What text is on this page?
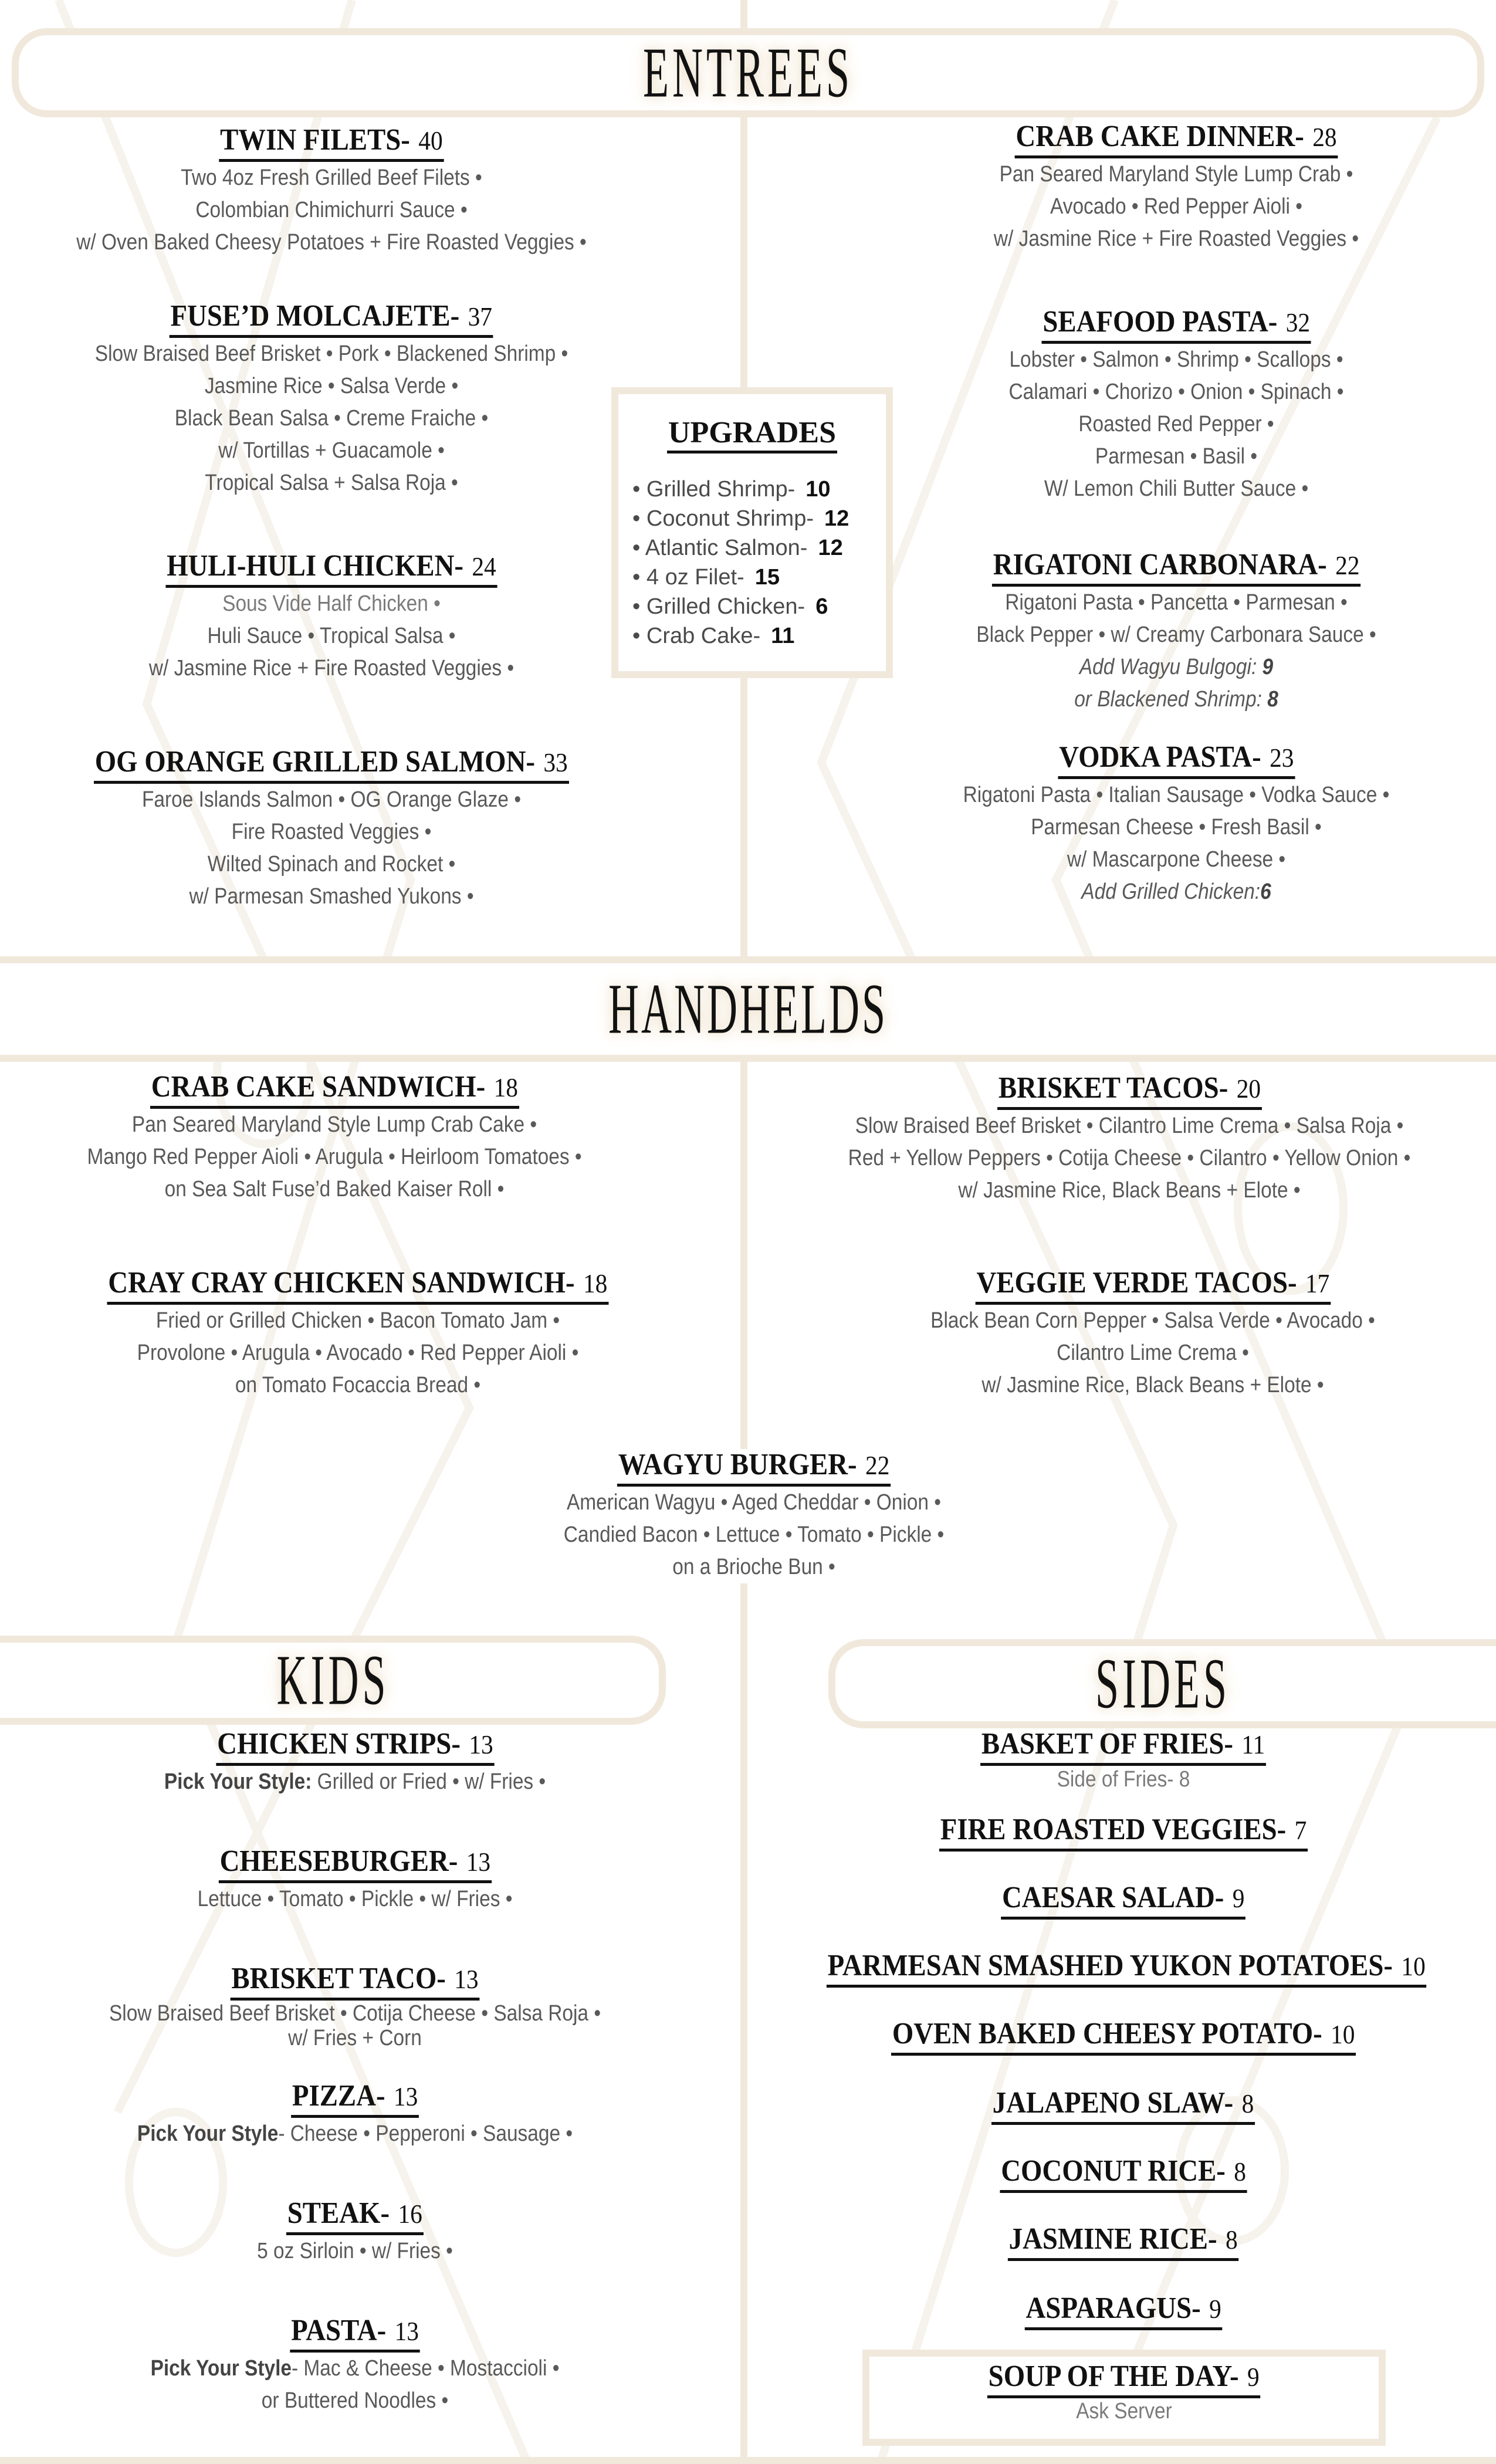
ENTREES
TWIN FILETS- 40
Two 4oz Fresh Grilled Beef Filets •
Colombian Chimichurri Sauce •
w/ Oven Baked Cheesy Potatoes + Fire Roasted Veggies •
FUSE’D MOLCAJETE- 37
Slow Braised Beef Brisket • Pork • Blackened Shrimp •
Jasmine Rice • Salsa Verde •
Black Bean Salsa • Creme Fraiche •
w/ Tortillas + Guacamole •
Tropical Salsa + Salsa Roja •
HULI-HULI CHICKEN- 24
Sous Vide Half Chicken •
Huli Sauce • Tropical Salsa •
w/ Jasmine Rice + Fire Roasted Veggies •
OG ORANGE GRILLED SALMON- 33
Faroe Islands Salmon • OG Orange Glaze •
Fire Roasted Veggies •
Wilted Spinach and Rocket •
w/ Parmesan Smashed Yukons •
UPGRADES
• Grilled Shrimp- 10
• Coconut Shrimp- 12
• Atlantic Salmon- 12
• 4 oz Filet- 15
• Grilled Chicken- 6
• Crab Cake- 11
CRAB CAKE DINNER- 28
Pan Seared Maryland Style Lump Crab •
Avocado • Red Pepper Aioli •
w/ Jasmine Rice + Fire Roasted Veggies •
SEAFOOD PASTA- 32
Lobster • Salmon • Shrimp • Scallops •
Calamari • Chorizo • Onion • Spinach •
Roasted Red Pepper •
Parmesan • Basil •
W/ Lemon Chili Butter Sauce •
RIGATONI CARBONARA- 22
Rigatoni Pasta • Pancetta • Parmesan •
Black Pepper • w/ Creamy Carbonara Sauce •
Add Wagyu Bulgogi: 9
or Blackened Shrimp: 8
VODKA PASTA- 23
Rigatoni Pasta • Italian Sausage • Vodka Sauce •
Parmesan Cheese • Fresh Basil •
w/ Mascarpone Cheese •
Add Grilled Chicken:6
HANDHELDS
CRAB CAKE SANDWICH- 18
Pan Seared Maryland Style Lump Crab Cake •
Mango Red Pepper Aioli • Arugula • Heirloom Tomatoes •
on Sea Salt Fuse’d Baked Kaiser Roll •
BRISKET TACOS- 20
Slow Braised Beef Brisket • Cilantro Lime Crema • Salsa Roja •
Red + Yellow Peppers • Cotija Cheese • Cilantro • Yellow Onion •
w/ Jasmine Rice, Black Beans + Elote •
CRAY CRAY CHICKEN SANDWICH- 18
Fried or Grilled Chicken • Bacon Tomato Jam •
Provolone • Arugula • Avocado • Red Pepper Aioli •
on Tomato Focaccia Bread •
VEGGIE VERDE TACOS- 17
Black Bean Corn Pepper • Salsa Verde • Avocado •
Cilantro Lime Crema •
w/ Jasmine Rice, Black Beans + Elote •
WAGYU BURGER- 22
American Wagyu • Aged Cheddar • Onion •
Candied Bacon • Lettuce • Tomato • Pickle •
on a Brioche Bun •
KIDS	SIDES
CHICKEN STRIPS- 13
Pick Your Style: Grilled or Fried • w/ Fries •
CHEESEBURGER- 13
Lettuce • Tomato • Pickle • w/ Fries •
BRISKET TACO- 13
Slow Braised Beef Brisket • Cotija Cheese • Salsa Roja •
w/ Fries + Corn
PIZZA- 13
Pick Your Style- Cheese • Pepperoni • Sausage •
STEAK- 16
5 oz Sirloin • w/ Fries •
PASTA- 13
Pick Your Style- Mac & Cheese • Mostaccioli •
or Buttered Noodles •
BASKET OF FRIES- 11
Side of Fries- 8
FIRE ROASTED VEGGIES- 7
CAESAR SALAD- 9
PARMESAN SMASHED YUKON POTATOES- 10
OVEN BAKED CHEESY POTATO- 10
JALAPENO SLAW- 8
COCONUT RICE- 8
JASMINE RICE- 8
ASPARAGUS- 9
SOUP OF THE DAY- 9
Ask Server
